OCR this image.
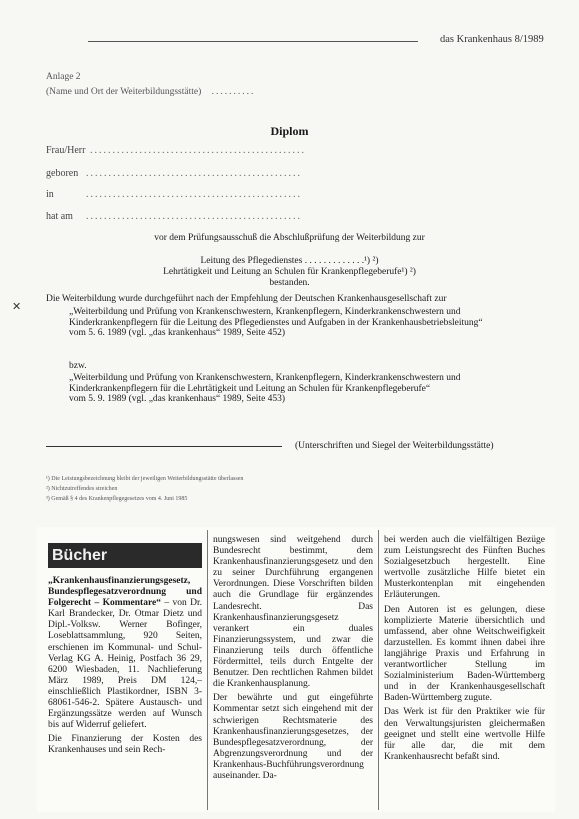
das Krankenhaus 8/1989
Anlage 2
(Name und Ort der Weiterbildungsstätte) ..........
Diplom
Frau/Herr ................................................
geboren ................................................
in	................................................
hat am ................................................
vor dem Prüfungsausschuß die Abschlußprüfung der Weiterbildung zur
Leitung des Pflegedienstes . . . . . . . . . . . . .¹) ²)
Lehrtätigkeit und Leitung an Schulen für Krankenpflegeberufe¹) ²)
bestanden.
Die Weiterbildung wurde durchgeführt nach der Empfehlung der Deutschen Krankenhausgesellschaft zur
„Weiterbildung und Prüfung von Krankenschwestern, Krankenpflegern, Kinderkrankenschwestern und Kinderkrankenpflegern für die Leitung des Pflegedienstes und Aufgaben in der Krankenhausbetriebsleitung“
vom 5. 6. 1989 (vgl. „das krankenhaus“ 1989, Seite 452)
bzw.
„Weiterbildung und Prüfung von Krankenschwestern, Krankenpflegern, Kinderkrankenschwestern und Kinderkrankenpflegern für die Lehrtätigkeit und Leitung an Schulen für Krankenpflegeberufe“
vom 5. 9. 1989 (vgl. „das krankenhaus“ 1989, Seite 453)
(Unterschriften und Siegel der Weiterbildungsstätte)
¹) Die Leistungsbezeichnung bleibt der jeweiligen Weiterbildungsstätte überlassen
²) Nichtzutreffendes streichen
³) Gemäß § 4 des Krankenpflegegesetzes vom 4. Juni 1985
✕
Bücher

„Krankenhausfinanzierungsgesetz, Bundespflegesatzverordnung und Folgerecht – Kommentare“ – von Dr. Karl Brandecker, Dr. Otmar Dietz und Dipl.-Volksw. Werner Bofinger, Loseblattsammlung, 920 Seiten, erschienen im Kommunal- und Schul-Verlag KG A. Heinig, Postfach 36 29, 6200 Wiesbaden, 11. Nachlieferung März 1989, Preis DM 124,– einschließlich Plastikordner, ISBN 3-68061-546-2. Spätere Austausch- und Ergänzungssätze werden auf Wunsch bis auf Widerruf geliefert.

Die Finanzierung der Kosten des Krankenhauses und sein Rech-

nungswesen sind weitgehend durch Bundesrecht bestimmt, dem Krankenhausfinanzierungsgesetz und den zu seiner Durchführung ergangenen Verordnungen. Diese Vorschriften bilden auch die Grundlage für ergänzendes Landesrecht. Das Krankenhausfinanzierungsgesetz verankert ein duales Finanzierungssystem, und zwar die Finanzierung teils durch öffentliche Fördermittel, teils durch Entgelte der Benutzer. Den rechtlichen Rahmen bildet die Krankenhausplanung.

Der bewährte und gut eingeführte Kommentar setzt sich eingehend mit der schwierigen Rechtsmaterie des Krankenhausfinanzierungsgesetzes, der Bundespflegesatzverordnung, der Abgrenzungsverordnung und der Krankenhaus-Buchführungsverordnung auseinander. Da-

bei werden auch die vielfältigen Bezüge zum Leistungsrecht des Fünften Buches Sozialgesetzbuch hergestellt. Eine wertvolle zusätzliche Hilfe bietet ein Musterkontenplan mit eingehenden Erläuterungen.

Den Autoren ist es gelungen, diese komplizierte Materie übersichtlich und umfassend, aber ohne Weitschweifigkeit darzustellen. Es kommt ihnen dabei ihre langjährige Praxis und Erfahrung in verantwortlicher Stellung im Sozialministerium Baden-Württemberg und in der Krankenhausgesellschaft Baden-Württemberg zugute.

Das Werk ist für den Praktiker wie für den Verwaltungsjuristen gleichermaßen geeignet und stellt eine wertvolle Hilfe für alle dar, die mit dem Krankenhausrecht befaßt sind.
